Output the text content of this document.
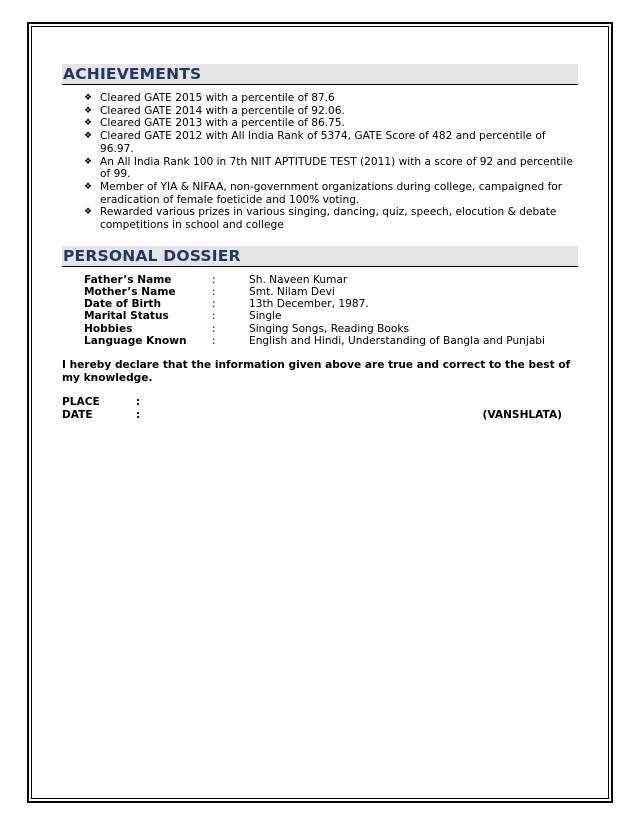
ACHIEVEMENTS
❖ Cleared GATE 2015 with a percentile of 87.6
❖ Cleared GATE 2014 with a percentile of 92.06.
❖ Cleared GATE 2013 with a percentile of 86.75.
❖ Cleared GATE 2012 with All India Rank of 5374, GATE Score of 482 and percentile of 96.97.
❖ An All India Rank 100 in 7th NIIT APTITUDE TEST (2011) with a score of 92 and percentile of 99.
❖ Member of YIA & NIFAA, non-government organizations during college, campaigned for eradication of female foeticide and 100% voting.
❖ Rewarded various prizes in various singing, dancing, quiz, speech, elocution & debate competitions in school and college
PERSONAL DOSSIER
Father’s Name	:	Sh. Naveen Kumar
Mother’s Name	:	Smt. Nilam Devi
Date of Birth	:	13th December, 1987.
Marital Status	:	Single
Hobbies	:	Singing Songs, Reading Books
Language Known	:	English and Hindi, Understanding of Bangla and Punjabi
I hereby declare that the information given above are true and correct to the best of my knowledge.
PLACE	:
DATE	:	(VANSHLATA)
